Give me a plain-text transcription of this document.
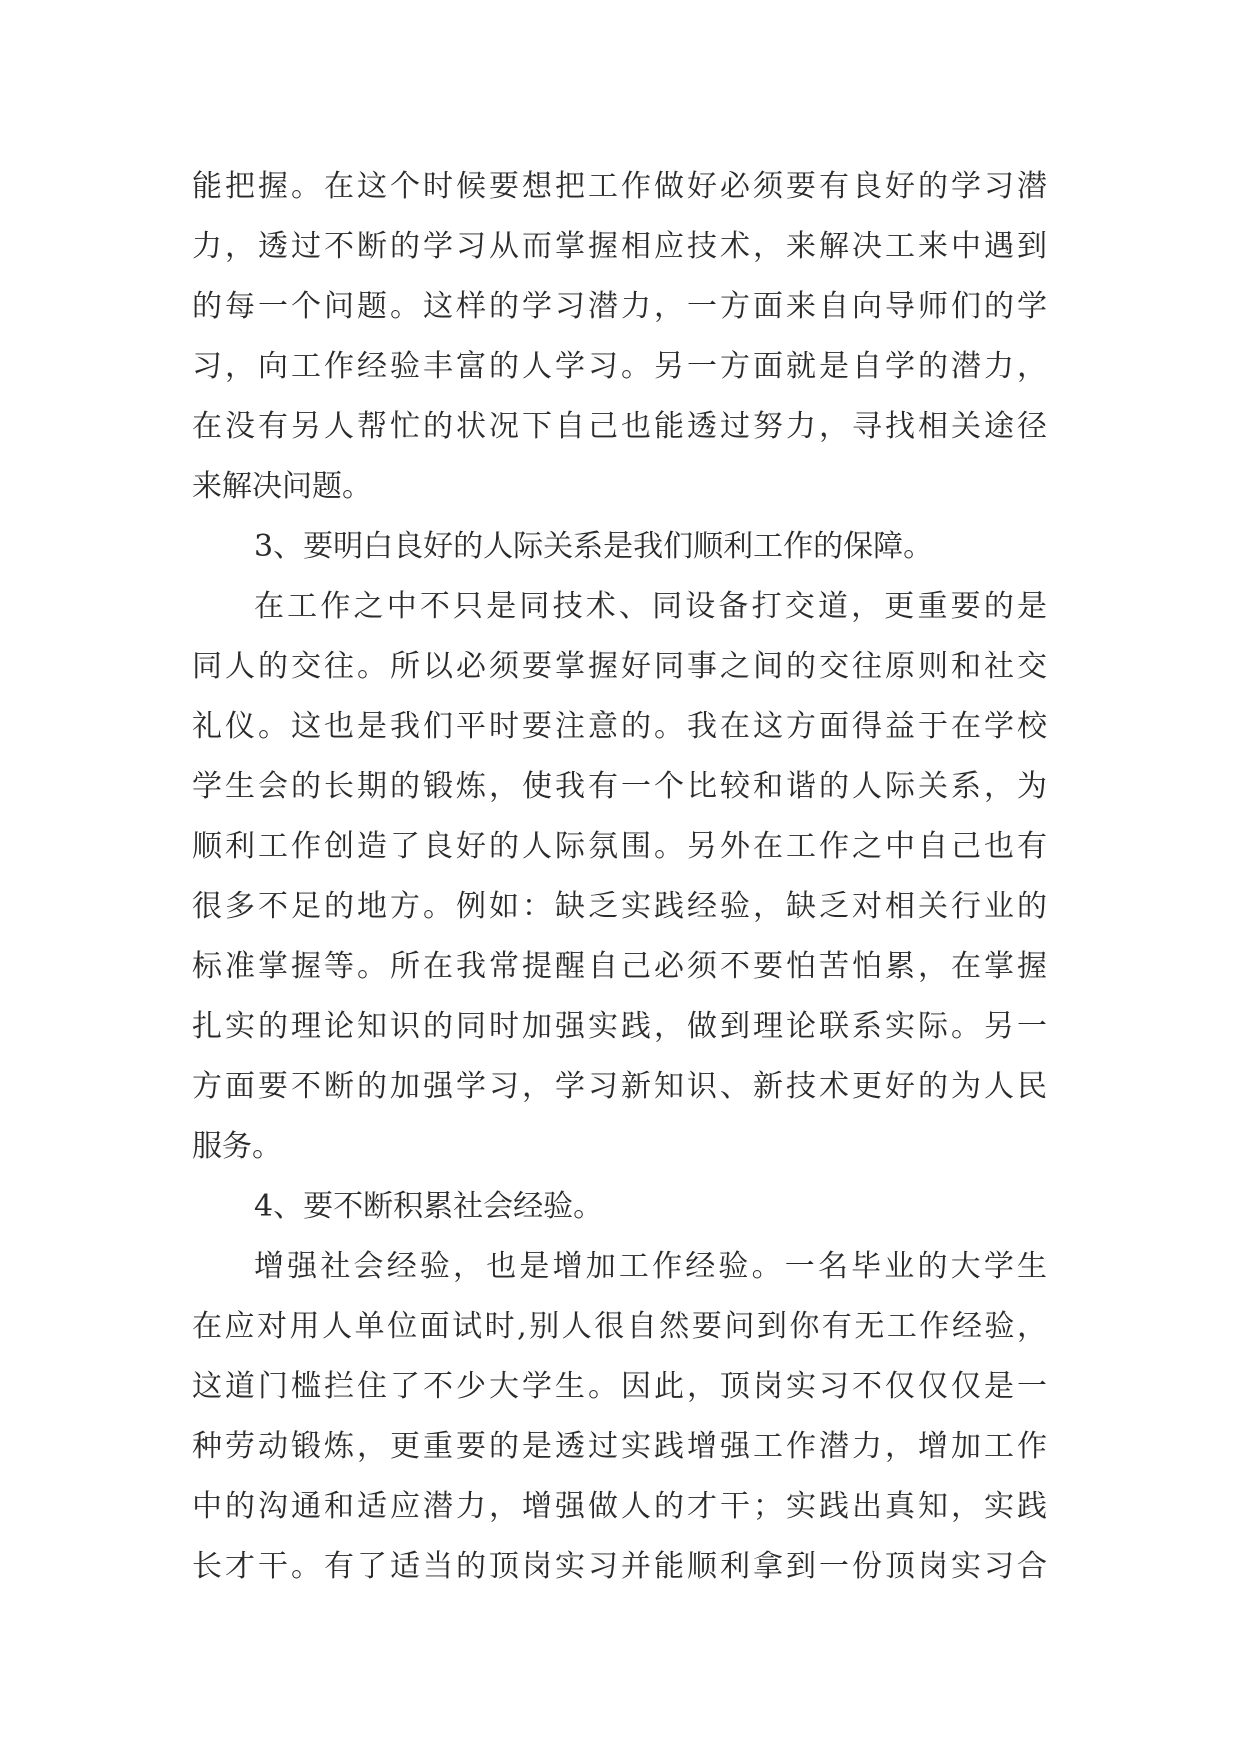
能把握。在这个时候要想把工作做好必须要有良好的学习潜
力，透过不断的学习从而掌握相应技术，来解决工来中遇到
的每一个问题。这样的学习潜力，一方面来自向导师们的学
习，向工作经验丰富的人学习。另一方面就是自学的潜力，
在没有另人帮忙的状况下自己也能透过努力，寻找相关途径
来解决问题。
3、要明白良好的人际关系是我们顺利工作的保障。
在工作之中不只是同技术、同设备打交道，更重要的是
同人的交往。所以必须要掌握好同事之间的交往原则和社交
礼仪。这也是我们平时要注意的。我在这方面得益于在学校
学生会的长期的锻炼，使我有一个比较和谐的人际关系，为
顺利工作创造了良好的人际氛围。另外在工作之中自己也有
很多不足的地方。例如：缺乏实践经验，缺乏对相关行业的
标准掌握等。所在我常提醒自己必须不要怕苦怕累，在掌握
扎实的理论知识的同时加强实践，做到理论联系实际。另一
方面要不断的加强学习，学习新知识、新技术更好的为人民
服务。
4、要不断积累社会经验。
增强社会经验，也是增加工作经验。一名毕业的大学生
在应对用人单位面试时,别人很自然要问到你有无工作经验，
这道门槛拦住了不少大学生。因此，顶岗实习不仅仅仅是一
种劳动锻炼，更重要的是透过实践增强工作潜力，增加工作
中的沟通和适应潜力，增强做人的才干；实践出真知，实践
长才干。有了适当的顶岗实习并能顺利拿到一份顶岗实习合
